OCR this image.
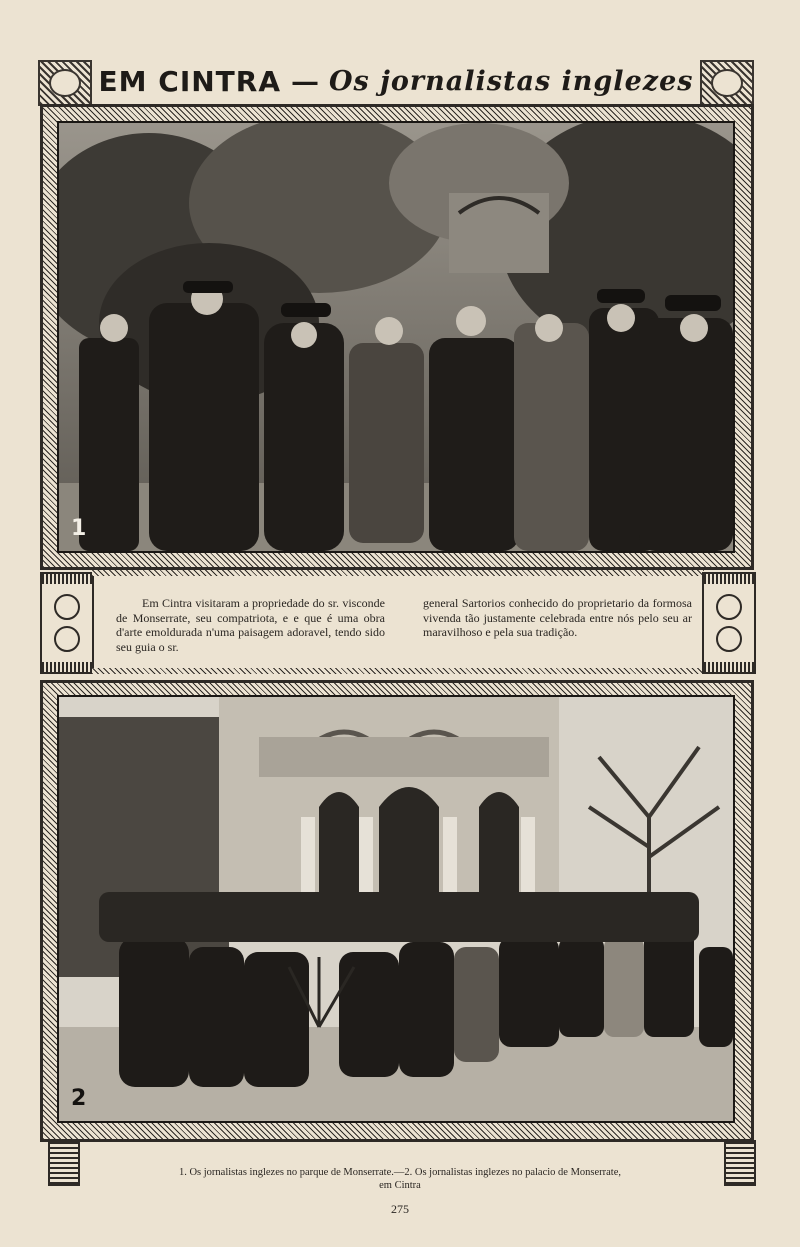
EM CINTRA — Os jornalistas inglezes
1

Em Cintra visitaram a propriedade do sr. visconde de Monserrate, seu compatriota, e e que é uma obra d'arte emoldurada n'uma paisagem adoravel, tendo sido seu guia o sr.

general Sartorios conhecido do proprietario da formosa vivenda tão justamente celebrada entre nós pelo seu ar maravilhoso e pela sua tradição.

2
1. Os jornalistas inglezes no parque de Monserrate.—2. Os jornalistas inglezes no palacio de Monserrate,
em Cintra
275
